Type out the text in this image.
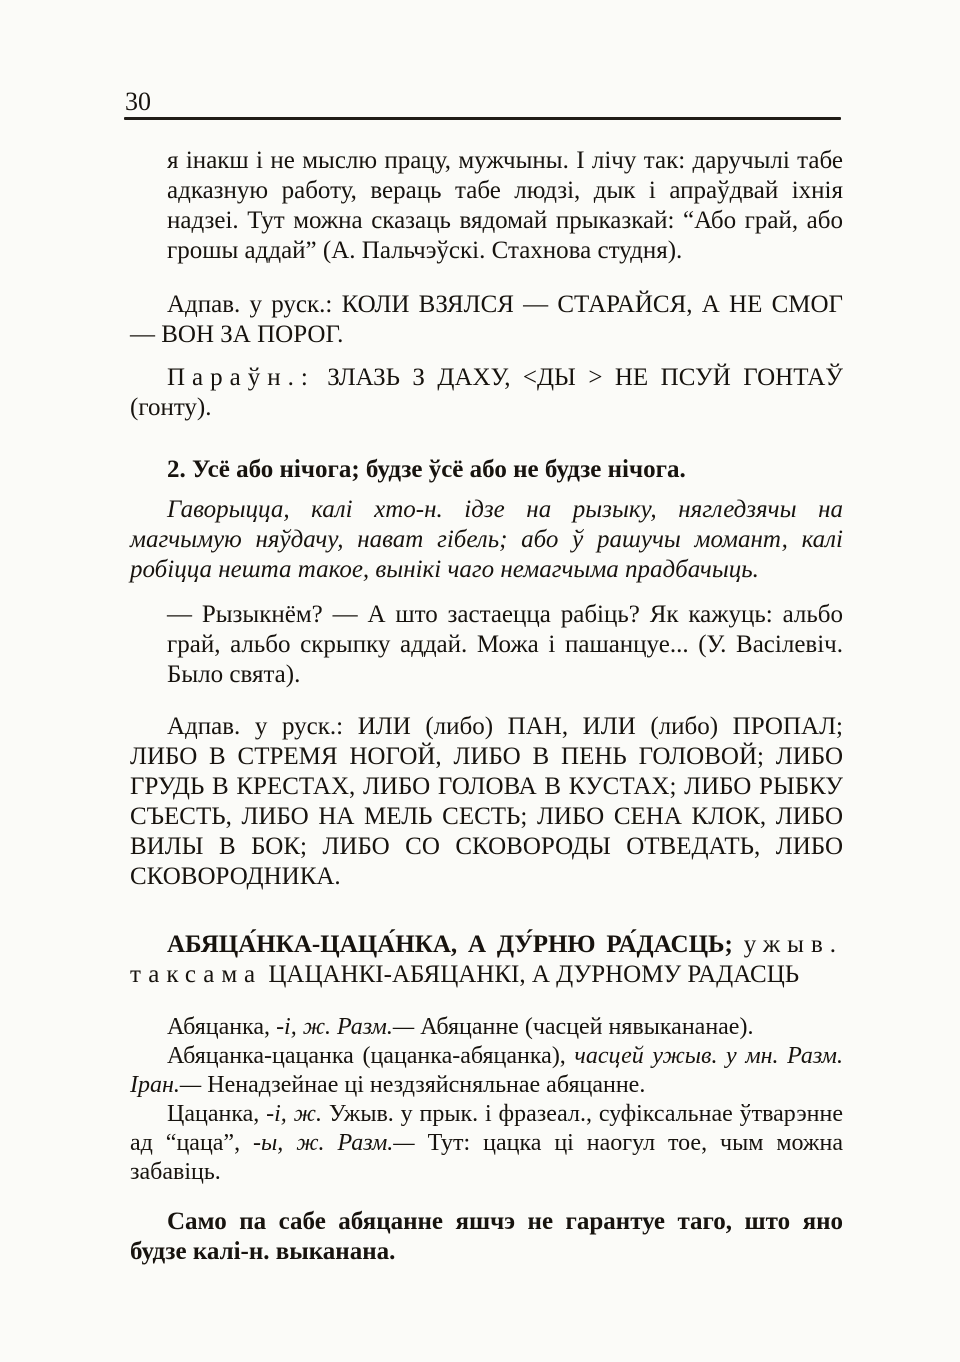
30

я інакш і не мыслю працу, мужчыны. І лічу так: даручылі табе адказную работу, вераць табе людзі, дык і апраўдвай іхнія надзеі. Тут можна сказаць вядомай прыказкай: “Або грай, або грошы аддай” (А. Пальчэўскі. Стахнова студня).

Адпав. у руск.: КОЛИ ВЗЯЛСЯ — СТАРАЙСЯ, А НЕ СМОГ — ВОН ЗА ПОРОГ.

Параўн.: ЗЛАЗЬ З ДАХУ, <ДЫ > НЕ ПСУЙ ГОНТАЎ (гонту).

2. Усё або нічога; будзе ўсё або не будзе нічога.

Гаворыцца, калі хто-н. ідзе на рызыку, нягледзячы на магчымую няўдачу, нават гібель; або ў рашучы момант, калі робіцца нешта такое, вынікі чаго немагчыма прадбачыць.

— Рызыкнём? — А што застаецца рабіць? Як кажуць: альбо грай, альбо скрыпку аддай. Можа і пашанцуе... (У. Васілевіч. Было свята).

Адпав. у руск.: ИЛИ (либо) ПАН, ИЛИ (либо) ПРОПАЛ; ЛИБО В СТРЕМЯ НОГОЙ, ЛИБО В ПЕНЬ ГОЛОВОЙ; ЛИБО ГРУДЬ В КРЕСТАХ, ЛИБО ГОЛОВА В КУСТАХ; ЛИБО РЫБКУ СЪЕСТЬ, ЛИБО НА МЕЛЬ СЕСТЬ; ЛИБО СЕНА КЛОК, ЛИБО ВИЛЫ В БОК; ЛИБО СО СКОВОРОДЫ ОТВЕДАТЬ, ЛИБО СКОВОРОДНИКА.

АБЯЦА́НКА-ЦАЦА́НКА, А ДУ́РНЮ РА́ДАСЦЬ; ужыв. таксама ЦАЦАНКІ-АБЯЦАНКІ, А ДУРНОМУ РАДАСЦЬ

Абяцанка, -і, ж. Разм.— Абяцанне (часцей нявыкананае).

Абяцанка-цацанка (цацанка-абяцанка), часцей ужыв. у мн. Разм. Іран.— Ненадзейнае ці нездзяйсняльнае абяцанне.

Цацанка, -і, ж. Ужыв. у прык. і фразеал., суфіксальнае ўтварэнне ад “цаца”, -ы, ж. Разм.— Тут: цацка ці наогул тое, чым можна забавіць.

Само па сабе абяцанне яшчэ не гарантуе таго, што яно будзе калі-н. выканана.
